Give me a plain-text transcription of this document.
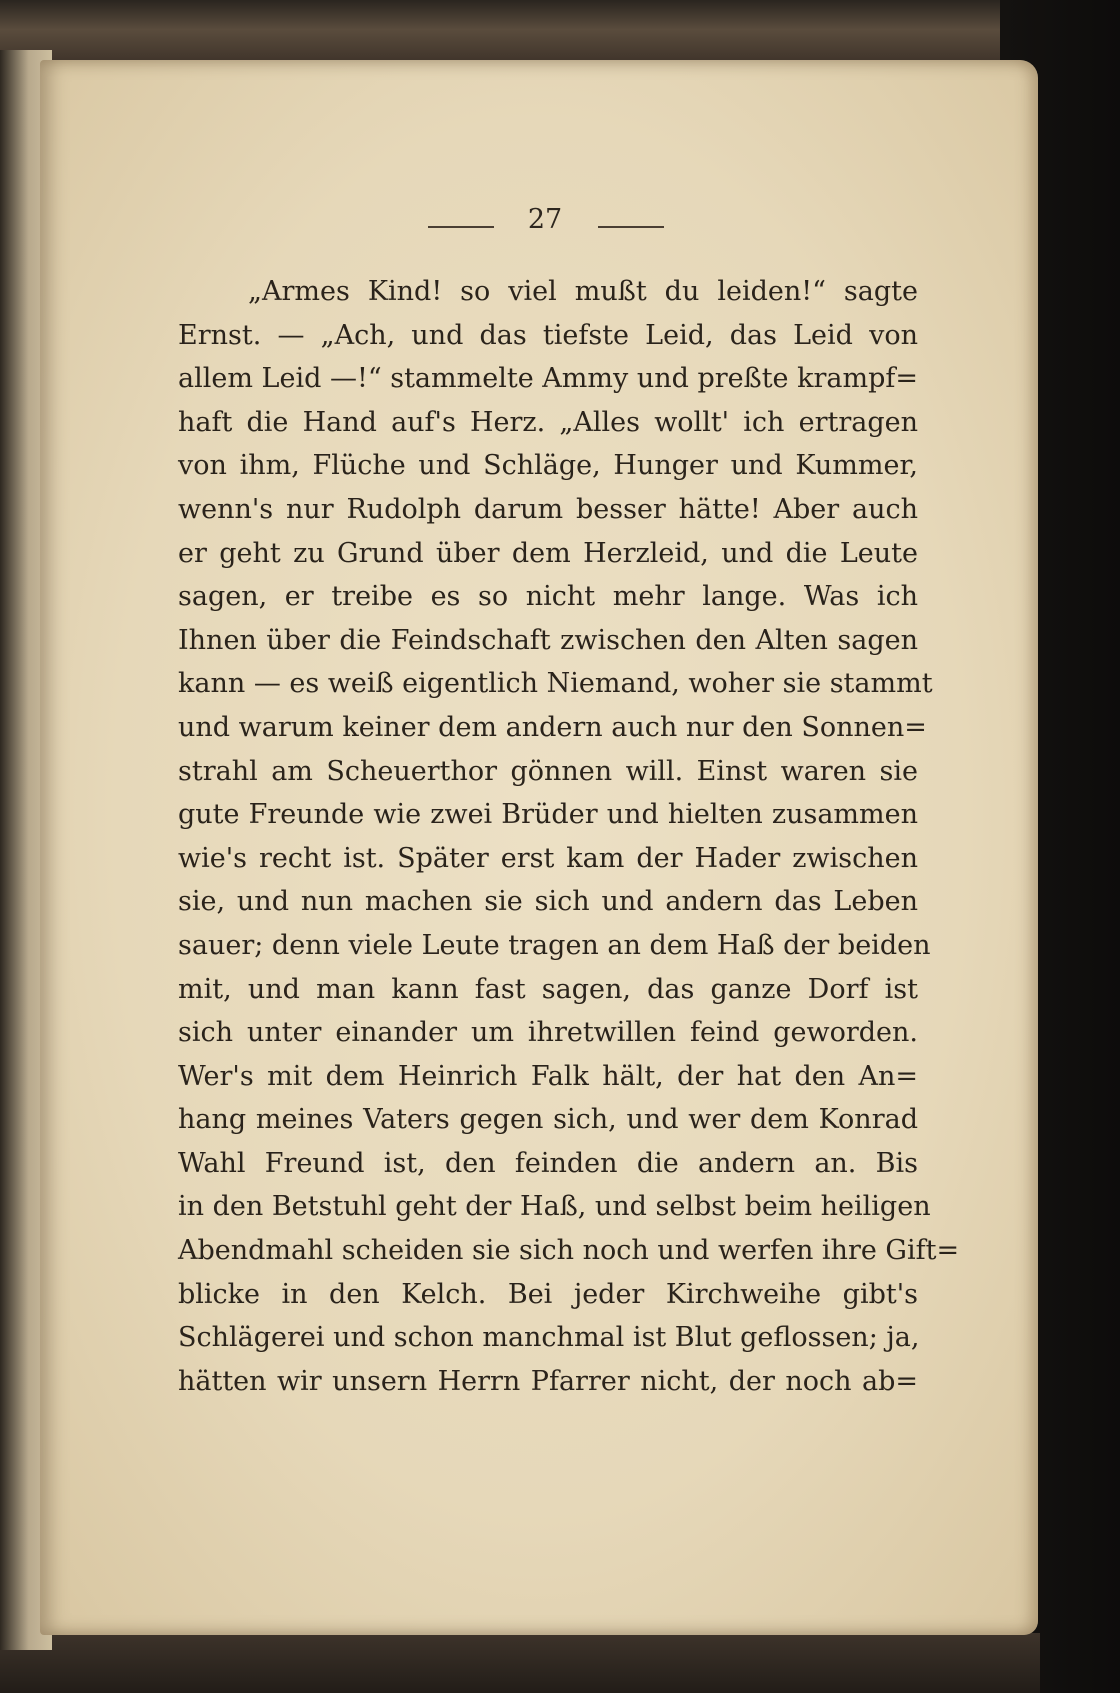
27
„Armes Kind! so viel mußt du leiden!“ sagte
Ernst. — „Ach, und das tiefste Leid, das Leid von
allem Leid —!“ stammelte Ammy und preßte krampf=
haft die Hand auf's Herz. „Alles wollt' ich ertragen
von ihm, Flüche und Schläge, Hunger und Kummer,
wenn's nur Rudolph darum besser hätte! Aber auch
er geht zu Grund über dem Herzleid, und die Leute
sagen, er treibe es so nicht mehr lange. Was ich
Ihnen über die Feindschaft zwischen den Alten sagen
kann — es weiß eigentlich Niemand, woher sie stammt
und warum keiner dem andern auch nur den Sonnen=
strahl am Scheuerthor gönnen will. Einst waren sie
gute Freunde wie zwei Brüder und hielten zusammen
wie's recht ist. Später erst kam der Hader zwischen
sie, und nun machen sie sich und andern das Leben
sauer; denn viele Leute tragen an dem Haß der beiden
mit, und man kann fast sagen, das ganze Dorf ist
sich unter einander um ihretwillen feind geworden.
Wer's mit dem Heinrich Falk hält, der hat den An=
hang meines Vaters gegen sich, und wer dem Konrad
Wahl Freund ist, den feinden die andern an. Bis
in den Betstuhl geht der Haß, und selbst beim heiligen
Abendmahl scheiden sie sich noch und werfen ihre Gift=
blicke in den Kelch. Bei jeder Kirchweihe gibt's
Schlägerei und schon manchmal ist Blut geflossen; ja,
hätten wir unsern Herrn Pfarrer nicht, der noch ab=
